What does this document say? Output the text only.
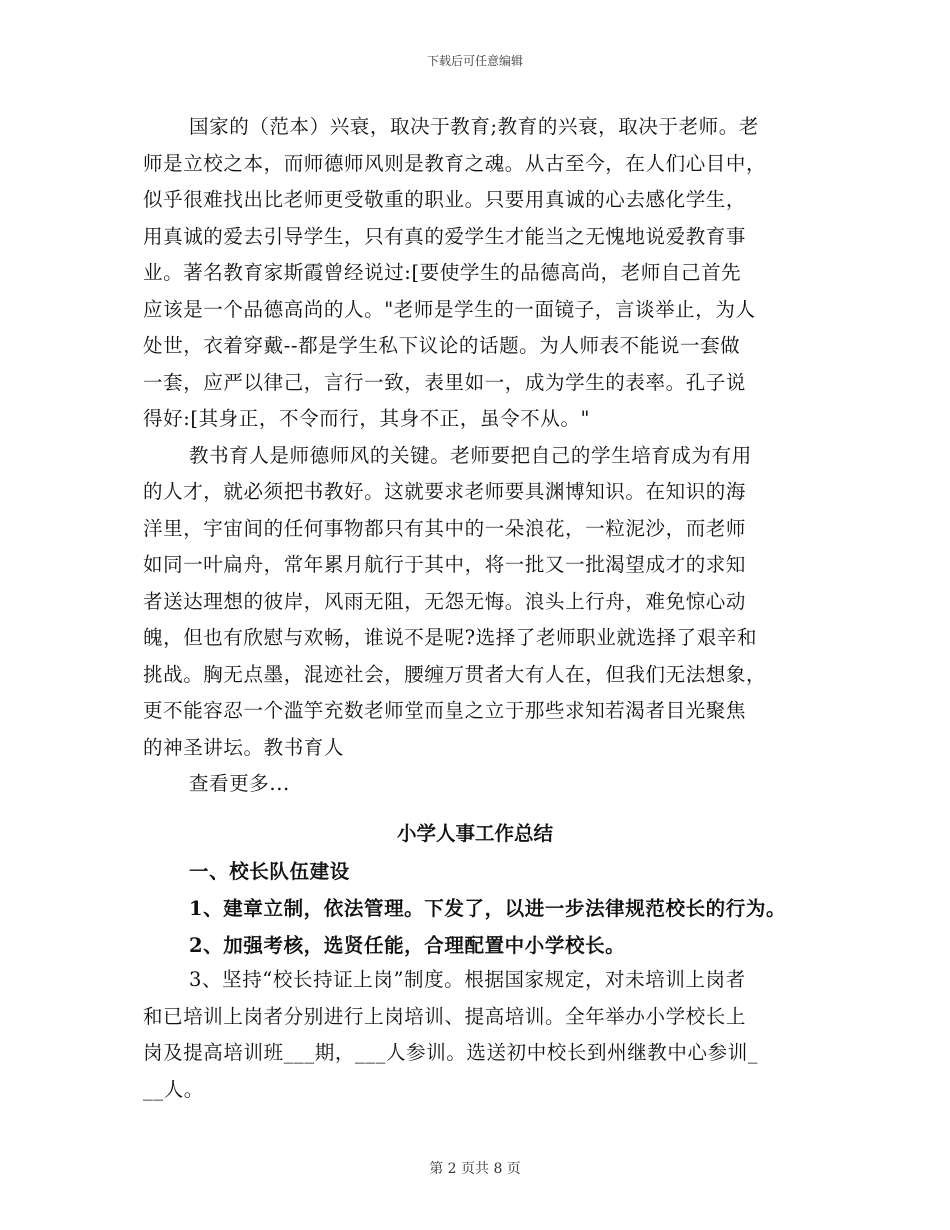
下载后可任意编辑
国家的（范本）兴衰，取决于教育;教育的兴衰，取决于老师。老
师是立校之本，而师德师风则是教育之魂。从古至今，在人们心目中，
似乎很难找出比老师更受敬重的职业。只要用真诚的心去感化学生，
用真诚的爱去引导学生，只有真的爱学生才能当之无愧地说爱教育事
业。著名教育家斯霞曾经说过:[要使学生的品德高尚，老师自己首先
应该是一个品德高尚的人。"老师是学生的一面镜子，言谈举止，为人
处世，衣着穿戴--都是学生私下议论的话题。为人师表不能说一套做
一套，应严以律己，言行一致，表里如一，成为学生的表率。孔子说
得好:[其身正，不令而行，其身不正，虽令不从。"
教书育人是师德师风的关键。老师要把自己的学生培育成为有用
的人才，就必须把书教好。这就要求老师要具渊博知识。在知识的海
洋里，宇宙间的任何事物都只有其中的一朵浪花，一粒泥沙，而老师
如同一叶扁舟，常年累月航行于其中，将一批又一批渴望成才的求知
者送达理想的彼岸，风雨无阻，无怨无悔。浪头上行舟，难免惊心动
魄，但也有欣慰与欢畅，谁说不是呢?选择了老师职业就选择了艰辛和
挑战。胸无点墨，混迹社会，腰缠万贯者大有人在，但我们无法想象，
更不能容忍一个滥竽充数老师堂而皇之立于那些求知若渴者目光聚焦
的神圣讲坛。教书育人
查看更多...
小学人事工作总结
一、校长队伍建设
1、建章立制，依法管理。下发了，以进一步法律规范校长的行为。
2、加强考核，选贤任能，合理配置中小学校长。
3、坚持“校长持证上岗”制度。根据国家规定，对未培训上岗者
和已培训上岗者分别进行上岗培训、提高培训。全年举办小学校长上
岗及提高培训班___期，___人参训。选送初中校长到州继教中心参训_
__人。
第 2 页共 8 页
